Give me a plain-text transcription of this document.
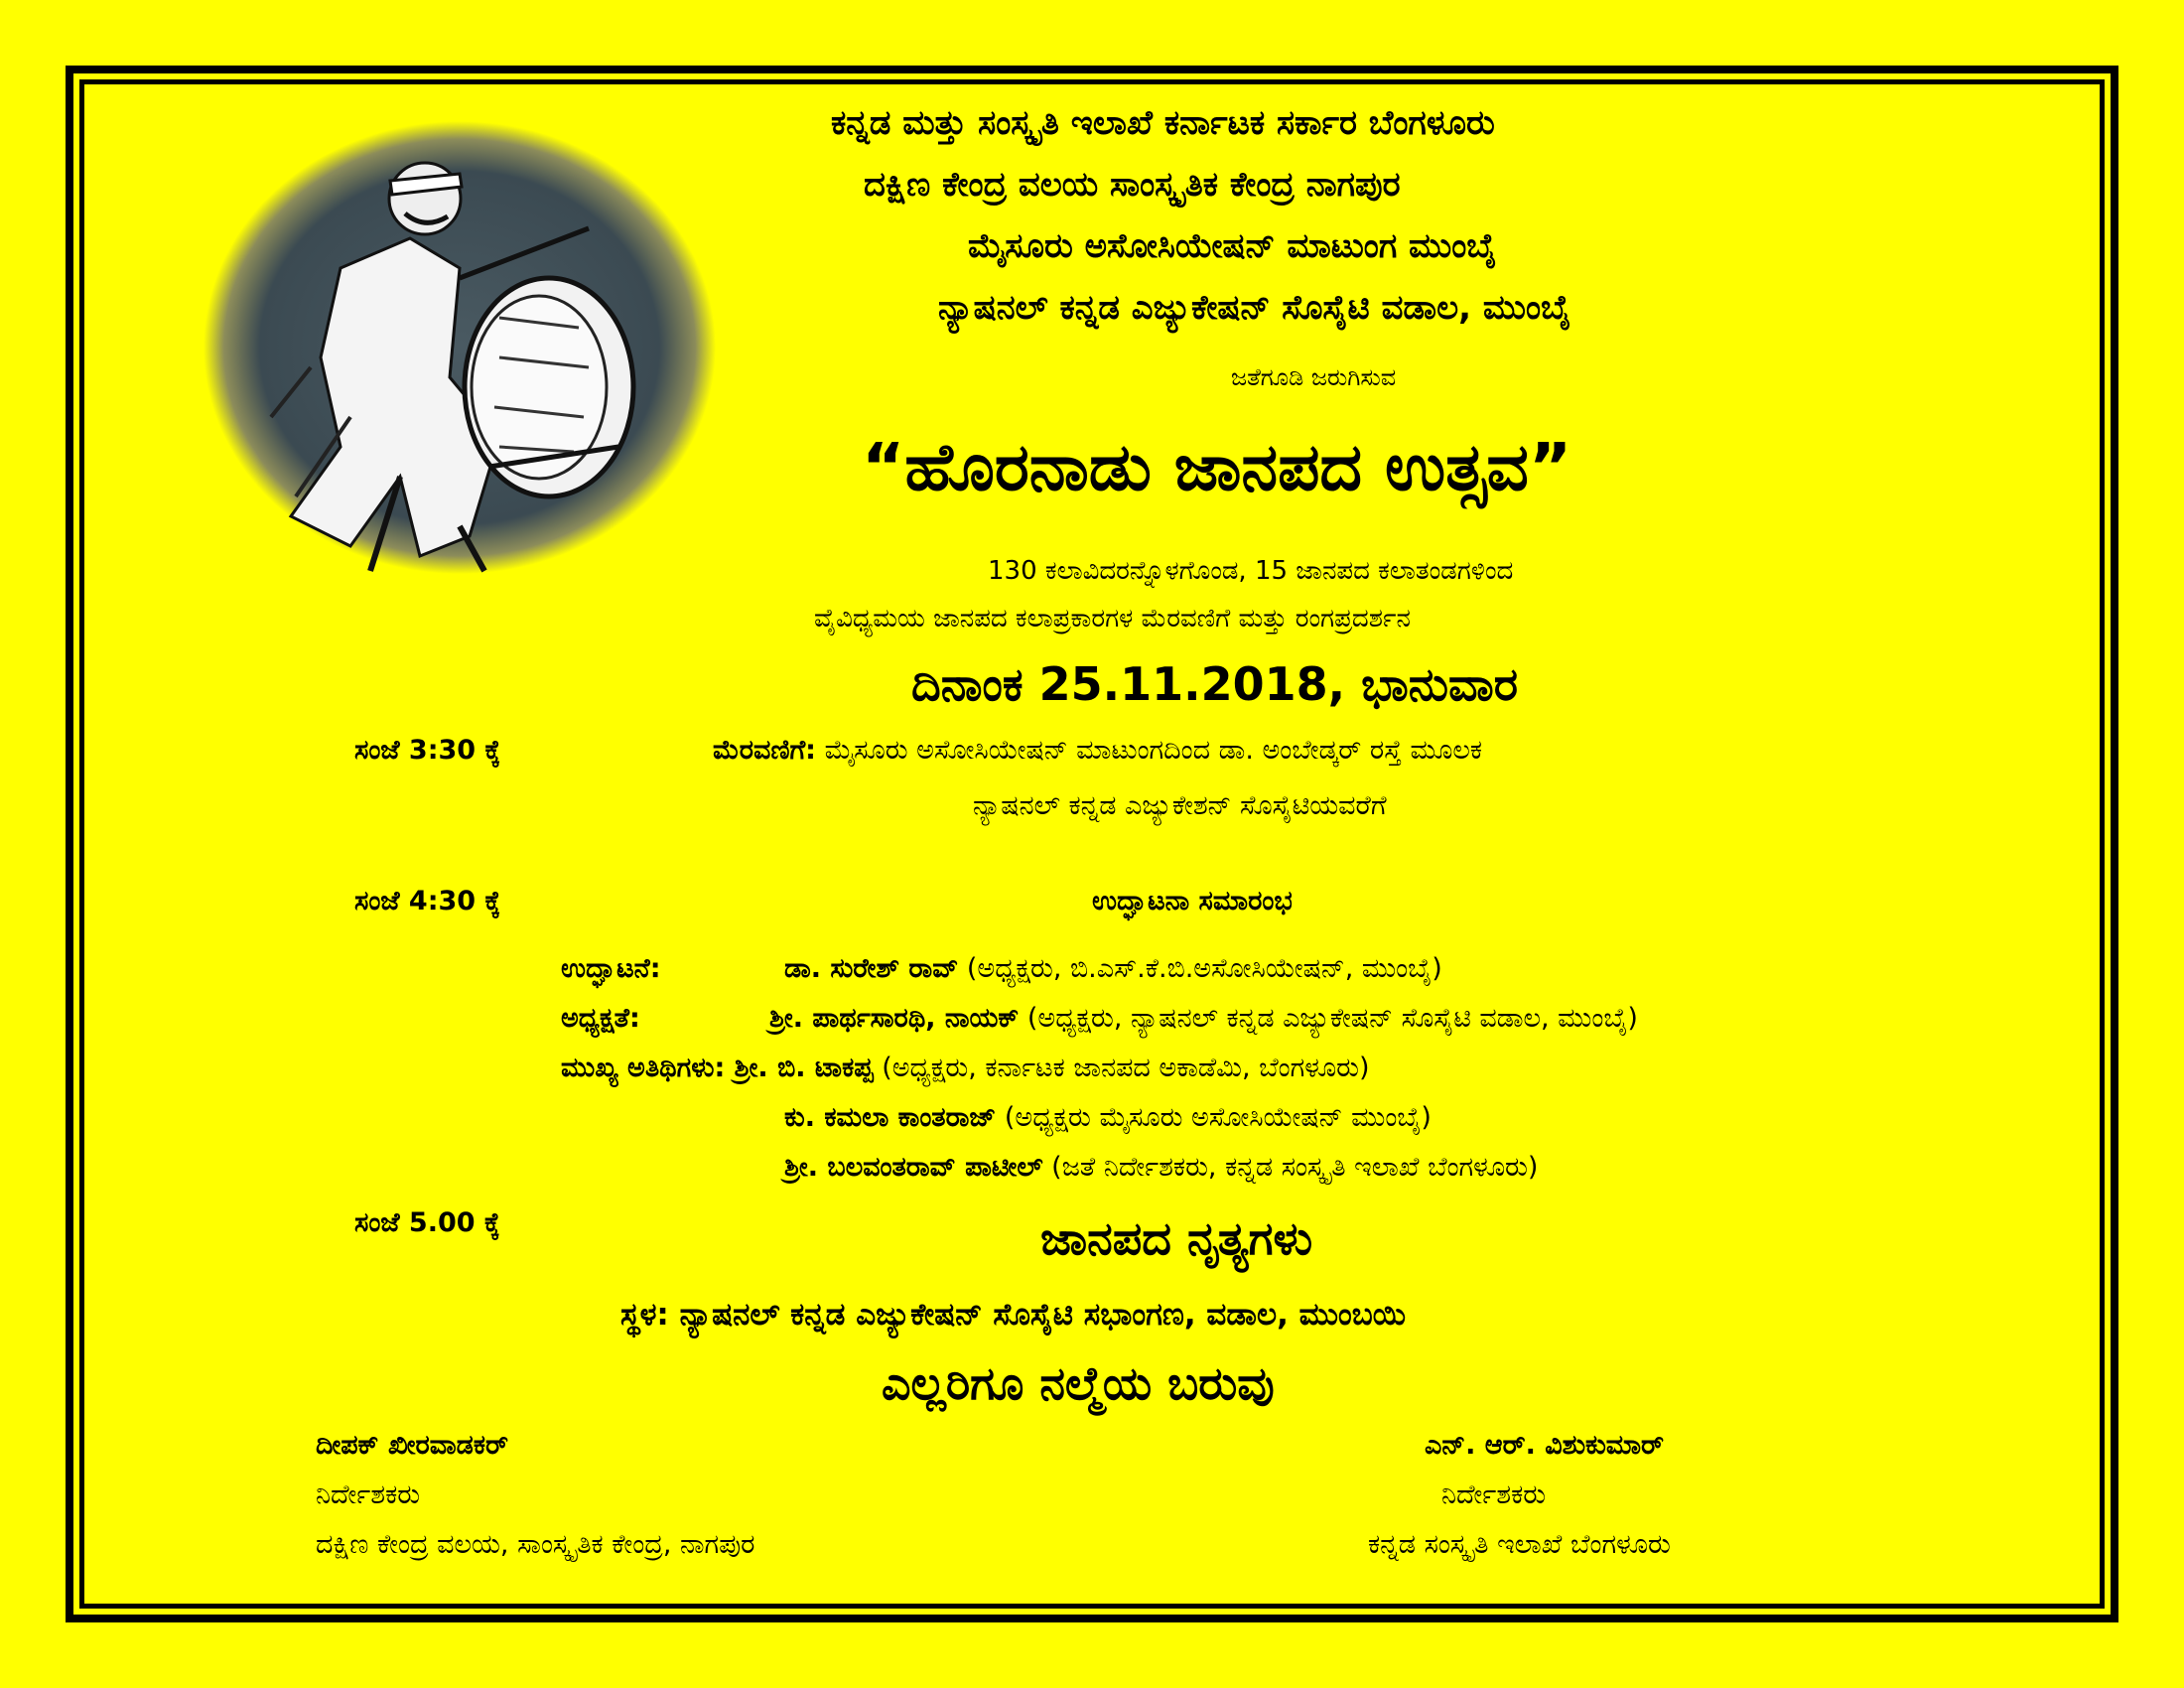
ಕನ್ನಡ ಮತ್ತು ಸಂಸ್ಕೃತಿ ಇಲಾಖೆ ಕರ್ನಾಟಕ ಸರ್ಕಾರ ಬೆಂಗಳೂರು
ದಕ್ಷಿಣ ಕೇಂದ್ರ ವಲಯ ಸಾಂಸ್ಕೃತಿಕ ಕೇಂದ್ರ ನಾಗಪುರ
ಮೈಸೂರು ಅಸೋಸಿಯೇಷನ್ ಮಾಟುಂಗ ಮುಂಬೈ
ನ್ಯಾಷನಲ್ ಕನ್ನಡ ಎಜ್ಯುಕೇಷನ್ ಸೊಸೈಟಿ ವಡಾಲ, ಮುಂಬೈ
ಜತೆಗೂಡಿ ಜರುಗಿಸುವ
“ಹೊರನಾಡು ಜಾನಪದ ಉತ್ಸವ”
130 ಕಲಾವಿದರನ್ನೊಳಗೊಂಡ, 15 ಜಾನಪದ ಕಲಾತಂಡಗಳಿಂದ
ವೈವಿಧ್ಯಮಯ ಜಾನಪದ ಕಲಾಪ್ರಕಾರಗಳ ಮೆರವಣಿಗೆ ಮತ್ತು ರಂಗಪ್ರದರ್ಶನ
ದಿನಾಂಕ 25.11.2018, ಭಾನುವಾರ
ಸಂಜೆ 3:30 ಕ್ಕೆ	ಮೆರವಣಿಗೆ: ಮೈಸೂರು ಅಸೋಸಿಯೇಷನ್ ಮಾಟುಂಗದಿಂದ ಡಾ. ಅಂಬೇಡ್ಕರ್ ರಸ್ತೆ ಮೂಲಕ
ನ್ಯಾಷನಲ್ ಕನ್ನಡ ಎಜ್ಯುಕೇಶನ್ ಸೊಸೈಟಿಯವರೆಗೆ
ಸಂಜೆ 4:30 ಕ್ಕೆ	ಉದ್ಘಾಟನಾ ಸಮಾರಂಭ
ಉದ್ಘಾಟನೆ:	ಡಾ. ಸುರೇಶ್ ರಾವ್ (ಅಧ್ಯಕ್ಷರು, ಬಿ.ಎಸ್.ಕೆ.ಬಿ.ಅಸೋಸಿಯೇಷನ್, ಮುಂಬೈ)
ಅಧ್ಯಕ್ಷತೆ:	ಶ್ರೀ. ಪಾರ್ಥಸಾರಥಿ, ನಾಯಕ್ (ಅಧ್ಯಕ್ಷರು, ನ್ಯಾಷನಲ್ ಕನ್ನಡ ಎಜ್ಯುಕೇಷನ್ ಸೊಸೈಟಿ ವಡಾಲ, ಮುಂಬೈ)
ಮುಖ್ಯ ಅತಿಥಿಗಳು: ಶ್ರೀ. ಬಿ. ಟಾಕಪ್ಪ (ಅಧ್ಯಕ್ಷರು, ಕರ್ನಾಟಕ ಜಾನಪದ ಅಕಾಡೆಮಿ, ಬೆಂಗಳೂರು)
ಕು. ಕಮಲಾ ಕಾಂತರಾಜ್ (ಅಧ್ಯಕ್ಷರು ಮೈಸೂರು ಅಸೋಸಿಯೇಷನ್ ಮುಂಬೈ)
ಶ್ರೀ. ಬಲವಂತರಾವ್ ಪಾಟೀಲ್ (ಜತೆ ನಿರ್ದೇಶಕರು, ಕನ್ನಡ ಸಂಸ್ಕೃತಿ ಇಲಾಖೆ ಬೆಂಗಳೂರು)
ಸಂಜೆ 5.00 ಕ್ಕೆ	ಜಾನಪದ ನೃತ್ಯಗಳು
ಸ್ಥಳ: ನ್ಯಾಷನಲ್ ಕನ್ನಡ ಎಜ್ಯುಕೇಷನ್ ಸೊಸೈಟಿ ಸಭಾಂಗಣ, ವಡಾಲ, ಮುಂಬಯಿ
ಎಲ್ಲರಿಗೂ ನಲ್ಮೆಯ ಬರುವು
ದೀಪಕ್ ಖೀರವಾಡಕರ್
ನಿರ್ದೇಶಕರು
ದಕ್ಷಿಣ ಕೇಂದ್ರ ವಲಯ, ಸಾಂಸ್ಕೃತಿಕ ಕೇಂದ್ರ, ನಾಗಪುರ
ಎನ್. ಆರ್. ವಿಶುಕುಮಾರ್
ನಿರ್ದೇಶಕರು
ಕನ್ನಡ ಸಂಸ್ಕೃತಿ ಇಲಾಖೆ ಬೆಂಗಳೂರು
